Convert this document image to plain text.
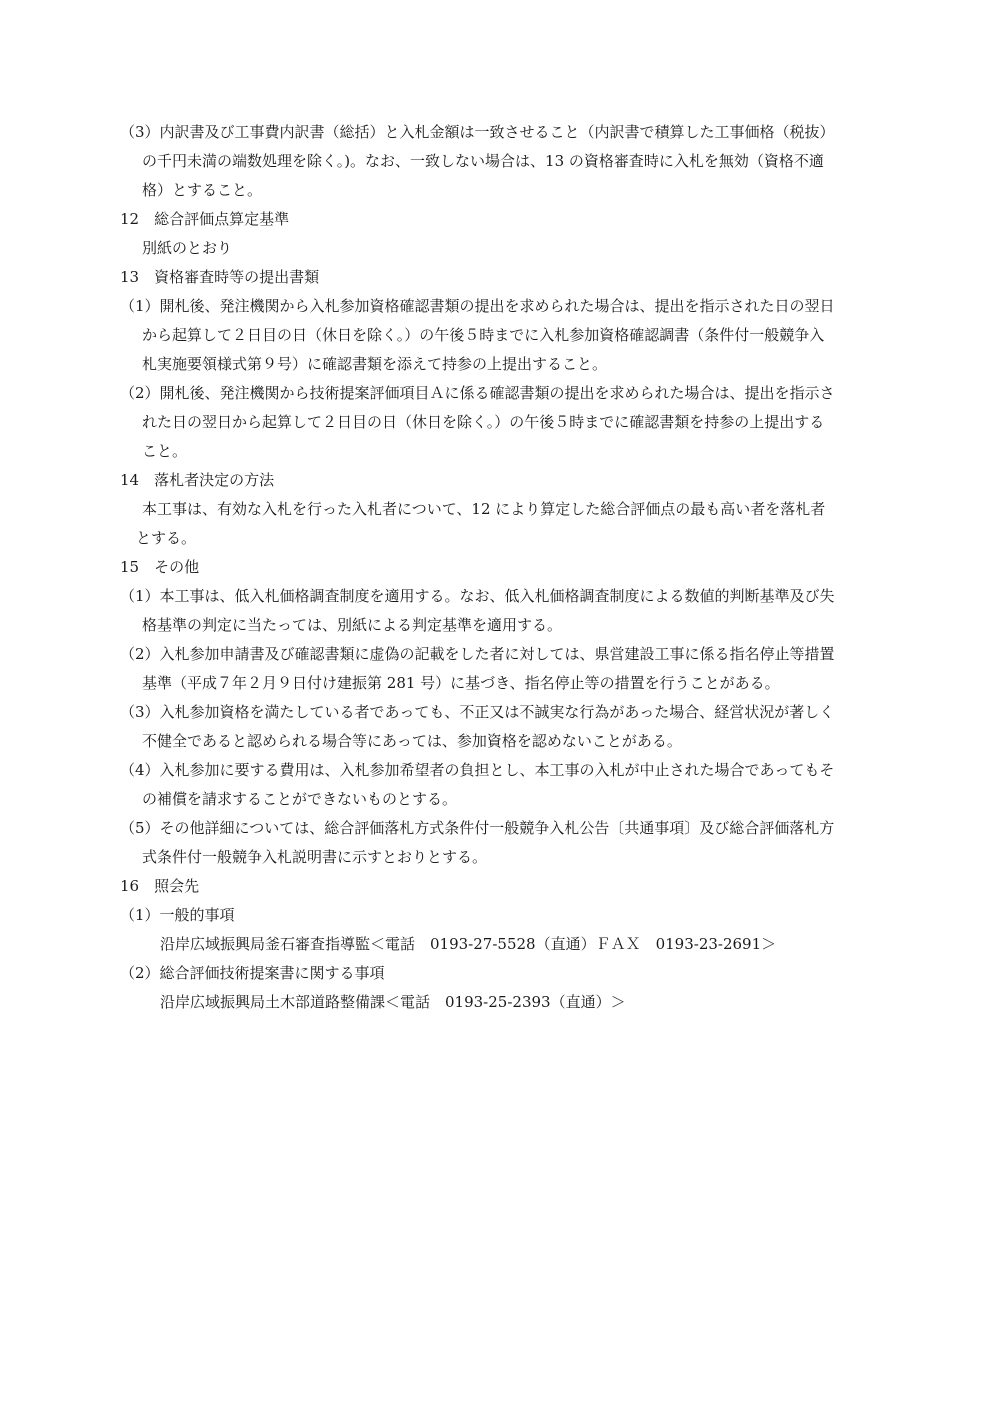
（3）内訳書及び工事費内訳書（総括）と入札金額は一致させること（内訳書で積算した工事価格（税抜）
の千円未満の端数処理を除く。)。なお、一致しない場合は、13 の資格審査時に入札を無効（資格不適
格）とすること。
12　総合評価点算定基準
別紙のとおり
13　資格審査時等の提出書類
（1）開札後、発注機関から入札参加資格確認書類の提出を求められた場合は、提出を指示された日の翌日
から起算して２日目の日（休日を除く。）の午後５時までに入札参加資格確認調書（条件付一般競争入
札実施要領様式第９号）に確認書類を添えて持参の上提出すること。
（2）開札後、発注機関から技術提案評価項目Ａに係る確認書類の提出を求められた場合は、提出を指示さ
れた日の翌日から起算して２日目の日（休日を除く。）の午後５時までに確認書類を持参の上提出する
こと。
14　落札者決定の方法
本工事は、有効な入札を行った入札者について、12 により算定した総合評価点の最も高い者を落札者
とする。
15　その他
（1）本工事は、低入札価格調査制度を適用する。なお、低入札価格調査制度による数値的判断基準及び失
格基準の判定に当たっては、別紙による判定基準を適用する。
（2）入札参加申請書及び確認書類に虚偽の記載をした者に対しては、県営建設工事に係る指名停止等措置
基準（平成７年２月９日付け建振第 281 号）に基づき、指名停止等の措置を行うことがある。
（3）入札参加資格を満たしている者であっても、不正又は不誠実な行為があった場合、経営状況が著しく
不健全であると認められる場合等にあっては、参加資格を認めないことがある。
（4）入札参加に要する費用は、入札参加希望者の負担とし、本工事の入札が中止された場合であってもそ
の補償を請求することができないものとする。
（5）その他詳細については、総合評価落札方式条件付一般競争入札公告〔共通事項〕及び総合評価落札方
式条件付一般競争入札説明書に示すとおりとする。
16　照会先
（1）一般的事項
沿岸広域振興局釜石審査指導監＜電話　0193-27-5528（直通）ＦＡＸ　0193-23-2691＞
（2）総合評価技術提案書に関する事項
沿岸広域振興局土木部道路整備課＜電話　0193-25-2393（直通）＞
